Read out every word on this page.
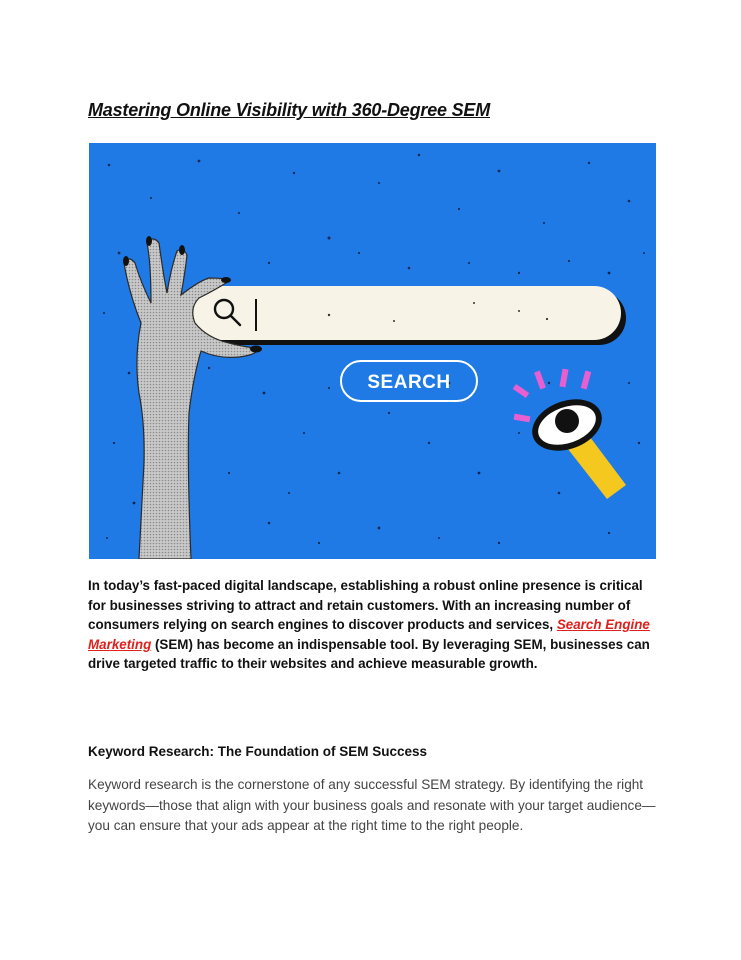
Mastering Online Visibility with 360-Degree SEM
SEARCH

In today’s fast-paced digital landscape, establishing a robust online presence is critical for businesses striving to attract and retain customers. With an increasing number of consumers relying on search engines to discover products and services, Search Engine Marketing (SEM) has become an indispensable tool. By leveraging SEM, businesses can drive targeted traffic to their websites and achieve measurable growth.

Keyword Research: The Foundation of SEM Success

Keyword research is the cornerstone of any successful SEM strategy. By identifying the right keywords—those that align with your business goals and resonate with your target audience—you can ensure that your ads appear at the right time to the right people.
